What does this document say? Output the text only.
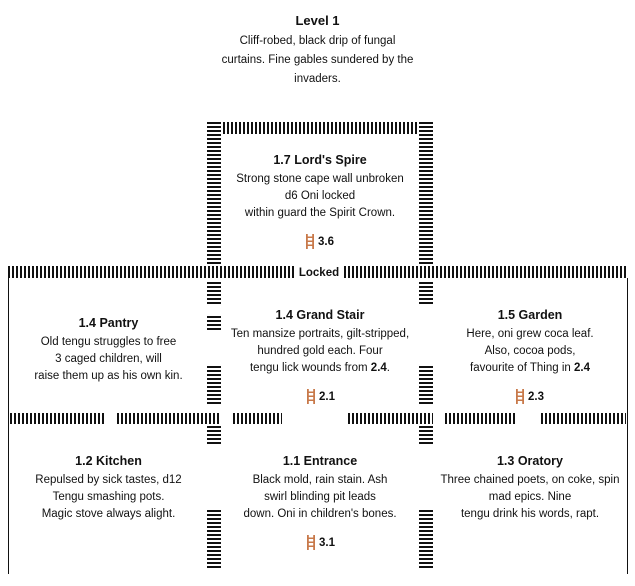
Level 1
Cliff-robed, black drip of fungal curtains. Fine gables sundered by the invaders.
Locked
1.7 Lord's Spire
Strong stone cape wall unbroken
d6 Oni locked
within guard the Spirit Crown.
3.6
1.4 Pantry
Old tengu struggles to free
3 caged children, will
raise them up as his own kin.
1.4 Grand Stair
Ten mansize portraits, gilt-stripped,
hundred gold each. Four
tengu lick wounds from 2.4.
2.1
1.5 Garden
Here, oni grew coca leaf.
Also, cocoa pods,
favourite of Thing in 2.4
2.3
1.2 Kitchen
Repulsed by sick tastes, d12
Tengu smashing pots.
Magic stove always alight.
1.1 Entrance
Black mold, rain stain. Ash
swirl blinding pit leads
down. Oni in children's bones.
3.1
1.3 Oratory
Three chained poets, on coke, spin
mad epics. Nine
tengu drink his words, rapt.
